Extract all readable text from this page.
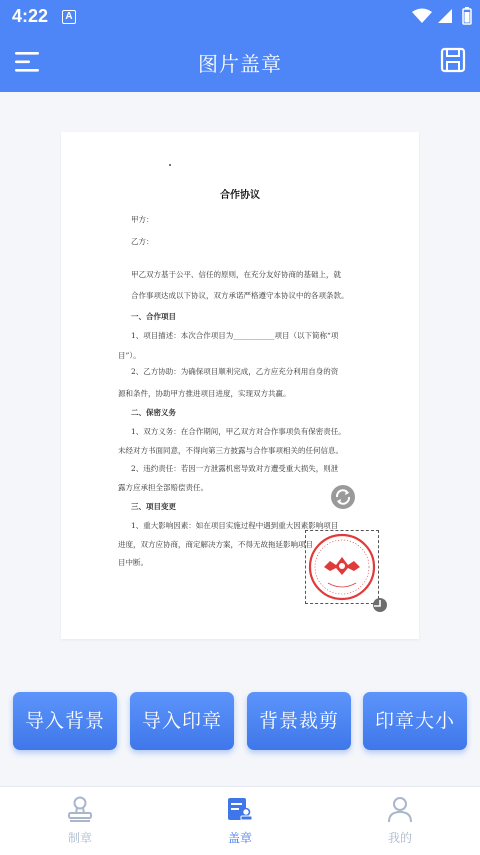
4:22	A
图片盖章
合作协议
甲方：
乙方：
甲乙双方基于公平、信任的原则，在充分友好协商的基础上，就
合作事项达成以下协议，双方承诺严格遵守本协议中的各项条款。
一、合作项目
1、项目描述：本次合作项目为___________项目（以下简称“项
目”）。
2、乙方协助：为确保项目顺利完成，乙方应充分利用自身的资
源和条件，协助甲方推进项目进度，实现双方共赢。
二、保密义务
1、双方义务：在合作期间，甲乙双方对合作事项负有保密责任。
未经对方书面同意，不得向第三方披露与合作事项相关的任何信息。
2、违约责任：若因一方泄露机密导致对方遭受重大损失，则泄
露方应承担全部赔偿责任。
三、项目变更
1、重大影响因素：如在项目实施过程中遇到重大因素影响项目
进度，双方应协商，商定解决方案，不得无故拖延影响项目
目中断。
导入背景	导入印章	背景裁剪	印章大小
制章	盖章	我的
